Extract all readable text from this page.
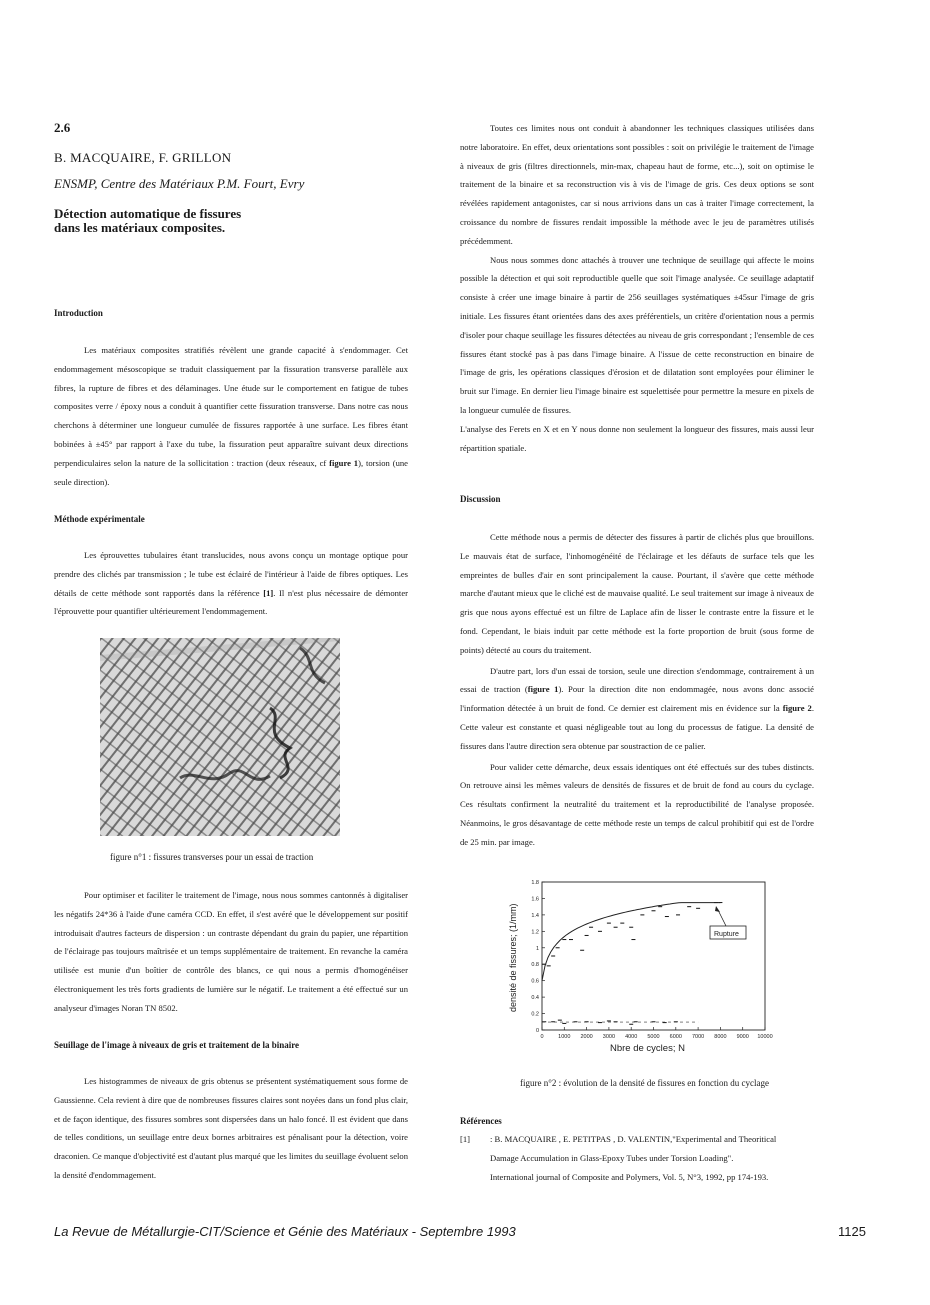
2.6
B. MACQUAIRE, F. GRILLON
ENSMP, Centre des Matériaux P.M. Fourt, Evry
Détection automatique de fissures
dans les matériaux composites.
Introduction

Les matériaux composites stratifiés révèlent une grande capacité à s'endommager. Cet endommagement mésoscopique se traduit classiquement par la fissuration transverse parallèle aux fibres, la rupture de fibres et des délaminages. Une étude sur le comportement en fatigue de tubes composites verre / époxy nous a conduit à quantifier cette fissuration transverse. Dans notre cas nous cherchons à déterminer une longueur cumulée de fissures rapportée à une surface. Les fibres étant bobinées à ±45° par rapport à l'axe du tube, la fissuration peut apparaître suivant deux directions perpendiculaires selon la nature de la sollicitation : traction (deux réseaux, cf figure 1), torsion (une seule direction).

Méthode expérimentale

Les éprouvettes tubulaires étant translucides, nous avons conçu un montage optique pour prendre des clichés par transmission ; le tube est éclairé de l'intérieur à l'aide de fibres optiques. Les détails de cette méthode sont rapportés dans la référence [1]. Il n'est plus nécessaire de démonter l'éprouvette pour quantifier ultérieurement l'endommagement.

figure n°1 : fissures transverses pour un essai de traction

Pour optimiser et faciliter le traitement de l'image, nous nous sommes cantonnés à digitaliser les négatifs 24*36 à l'aide d'une caméra CCD. En effet, il s'est avéré que le développement sur positif introduisait d'autres facteurs de dispersion : un contraste dépendant du grain du papier, une répartition de l'éclairage pas toujours maîtrisée et un temps supplémentaire de traitement. En revanche la caméra utilisée est munie d'un boîtier de contrôle des blancs, ce qui nous a permis d'homogénéiser électroniquement les très forts gradients de lumière sur le négatif. Le traitement a été effectué sur un analyseur d'images Noran TN 8502.

Seuillage de l'image à niveaux de gris et traitement de la binaire

Les histogrammes de niveaux de gris obtenus se présentent systématiquement sous forme de Gaussienne. Cela revient à dire que de nombreuses fissures claires sont noyées dans un fond plus clair, et de façon identique, des fissures sombres sont dispersées dans un halo foncé. Il est évident que dans de telles conditions, un seuillage entre deux bornes arbitraires est pénalisant pour la détection, voire draconien. Ce manque d'objectivité est d'autant plus marqué que les limites du seuillage évoluent selon la densité d'endommagement.

Toutes ces limites nous ont conduit à abandonner les techniques classiques utilisées dans notre laboratoire. En effet, deux orientations sont possibles : soit on privilégie le traitement de l'image à niveaux de gris (filtres directionnels, min-max, chapeau haut de forme, etc...), soit on optimise le traitement de la binaire et sa reconstruction vis à vis de l'image de gris. Ces deux options se sont révélées rapidement antagonistes, car si nous arrivions dans un cas à traiter l'image correctement, la croissance du nombre de fissures rendait impossible la méthode avec le jeu de paramètres utilisés précédemment.

Nous nous sommes donc attachés à trouver une technique de seuillage qui affecte le moins possible la détection et qui soit reproductible quelle que soit l'image analysée. Ce seuillage adaptatif consiste à créer une image binaire à partir de 256 seuillages systématiques ±45sur l'image de gris initiale. Les fissures étant orientées dans des axes préférentiels, un critère d'orientation nous a permis d'isoler pour chaque seuillage les fissures détectées au niveau de gris correspondant ; l'ensemble de ces fissures étant stocké pas à pas dans l'image binaire. A l'issue de cette reconstruction en binaire de l'image de gris, les opérations classiques d'érosion et de dilatation sont employées pour éliminer le bruit sur l'image. En dernier lieu l'image binaire est squelettisée pour permettre la mesure en pixels de la longueur cumulée de fissures.

L'analyse des Ferets en X et en Y nous donne non seulement la longueur des fissures, mais aussi leur répartition spatiale.

Discussion

Cette méthode nous a permis de détecter des fissures à partir de clichés plus que brouillons. Le mauvais état de surface, l'inhomogénéité de l'éclairage et les défauts de surface tels que les empreintes de bulles d'air en sont principalement la cause. Pourtant, il s'avère que cette méthode marche d'autant mieux que le cliché est de mauvaise qualité. Le seul traitement sur image à niveaux de gris que nous ayons effectué est un filtre de Laplace afin de lisser le contraste entre la fissure et le fond. Cependant, le biais induit par cette méthode est la forte proportion de bruit (sous forme de points) détecté au cours du traitement.

D'autre part, lors d'un essai de torsion, seule une direction s'endommage, contrairement à un essai de traction (figure 1). Pour la direction dite non endommagée, nous avons donc associé l'information détectée à un bruit de fond. Ce dernier est clairement mis en évidence sur la figure 2. Cette valeur est constante et quasi négligeable tout au long du processus de fatigue. La densité de fissures dans l'autre direction sera obtenue par soustraction de ce palier.

Pour valider cette démarche, deux essais identiques ont été effectués sur des tubes distincts. On retrouve ainsi les mêmes valeurs de densités de fissures et de bruit de fond au cours du cyclage. Ces résultats confirment la neutralité du traitement et la reproductibilité de l'analyse proposée. Néanmoins, le gros désavantage de cette méthode reste un temps de calcul prohibitif qui est de l'ordre de 25 min. par image.

0	1000 2000 3000 4000 5000 6000 7000 8000 9000 10000
0
0.2
0.4
0.6
0.8
1
1.2
1.4
1.6
1.8
densité de fissures; (1/mm)
Nbre de cycles; N
Rupture
figure n°2 : évolution de la densité de fissures en fonction du cyclage
Références
[1] : B. MACQUAIRE , E. PETITPAS , D. VALENTIN,"Experimental and Theoritical
Damage Accumulation in Glass-Epoxy Tubes under Torsion Loading".
International journal of Composite and Polymers, Vol. 5, N°3, 1992, pp 174-193.
La Revue de Métallurgie-CIT/Science et Génie des Matériaux - Septembre 1993	1125
